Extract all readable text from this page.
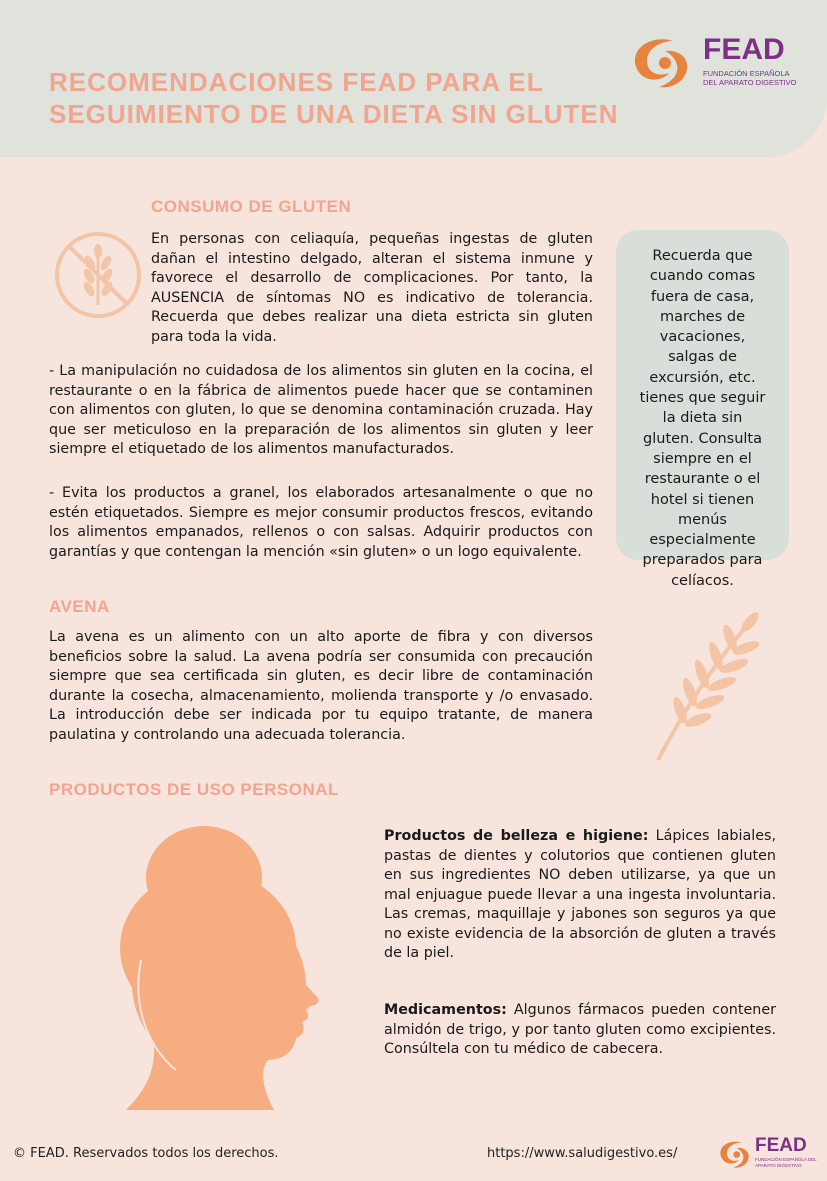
RECOMENDACIONES FEAD PARA EL
SEGUIMIENTO DE UNA DIETA SIN GLUTEN
FEAD
FUNDACIÓN ESPAÑOLA
DEL APARATO DIGESTIVO
CONSUMO DE GLUTEN

En personas con celiaquía, pequeñas ingestas de gluten dañan el intestino delgado, alteran el sistema inmune y favorece el desarrollo de complicaciones. Por tanto, la AUSENCIA de síntomas NO es indicativo de tolerancia. Recuerda que debes realizar una dieta estricta sin gluten para toda la vida.

- La manipulación no cuidadosa de los alimentos sin gluten en la cocina, el restaurante o en la fábrica de alimentos puede hacer que se contaminen con alimentos con gluten, lo que se denomina contaminación cruzada. Hay que ser meticuloso en la preparación de los alimentos sin gluten y leer siempre el etiquetado de los alimentos manufacturados.

- Evita los productos a granel, los elaborados artesanalmente o que no estén etiquetados. Siempre es mejor consumir productos frescos, evitando los alimentos empanados, rellenos o con salsas. Adquirir productos con garantías y que contengan la mención «sin gluten» o un logo equivalente.

Recuerda que cuando comas fuera de casa, marches de vacaciones, salgas de excursión, etc. tienes que seguir la dieta sin gluten. Consulta siempre en el restaurante o el hotel si tienen menús especialmente preparados para celíacos.

AVENA

La avena es un alimento con un alto aporte de fibra y con diversos beneficios sobre la salud. La avena podría ser consumida con precaución siempre que sea certificada sin gluten, es decir libre de contaminación durante la cosecha, almacenamiento, molienda transporte y /o envasado. La introducción debe ser indicada por tu equipo tratante, de manera paulatina y controlando una adecuada tolerancia.

PRODUCTOS DE USO PERSONAL

Productos de belleza e higiene: Lápices labiales, pastas de dientes y colutorios que contienen gluten en sus ingredientes NO deben utilizarse, ya que un mal enjuague puede llevar a una ingesta involuntaria. Las cremas, maquillaje y jabones son seguros ya que no existe evidencia de la absorción de gluten a través de la piel.

Medicamentos: Algunos fármacos pueden contener almidón de trigo, y por tanto gluten como excipientes. Consúltela con tu médico de cabecera.

© FEAD. Reservados todos los derechos.	https://www.saludigestivo.es/	FEAD
FUNDACIÓN ESPAÑOLA DEL APARATO DIGESTIVO
